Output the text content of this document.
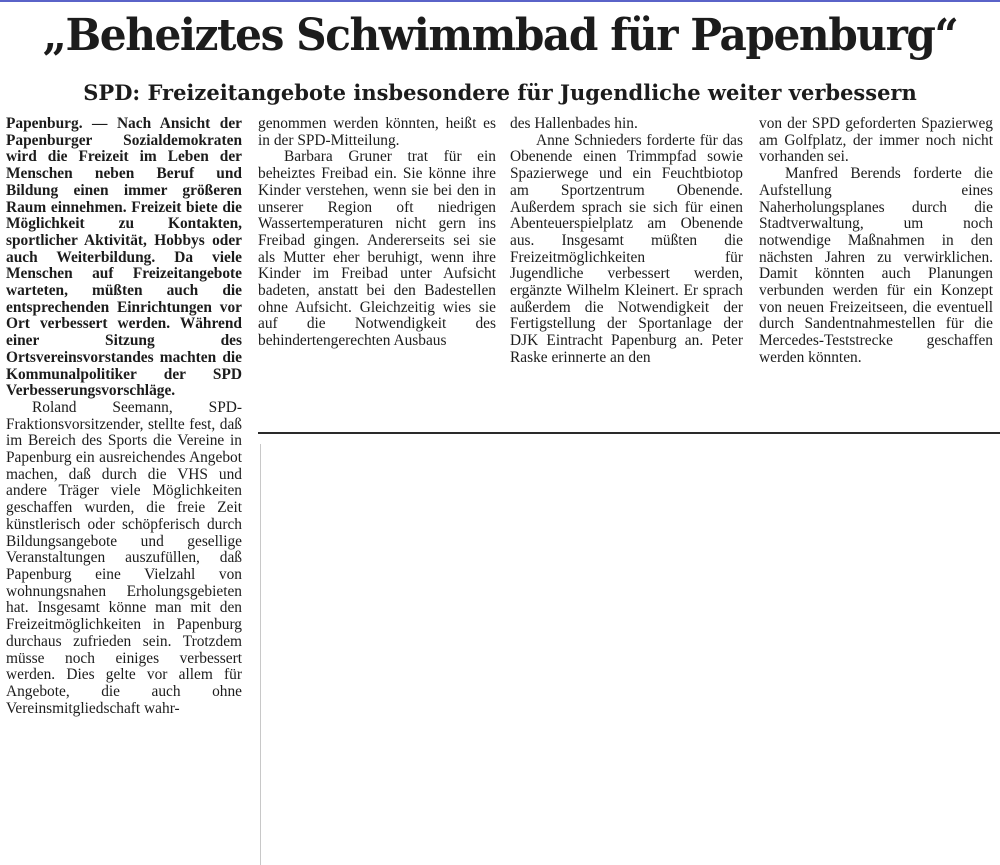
„Beheiztes Schwimmbad für Papenburg“
SPD: Freizeitangebote insbesondere für Jugendliche weiter verbessern

Papenburg. — Nach Ansicht der Papenburger Sozialdemokraten wird die Freizeit im Leben der Menschen neben Beruf und Bildung einen immer größeren Raum einnehmen. Freizeit biete die Möglichkeit zu Kontakten, sportlicher Aktivität, Hobbys oder auch Weiterbildung. Da viele Menschen auf Freizeitangebote warteten, müßten auch die entsprechenden Einrichtungen vor Ort verbessert werden. Während einer Sitzung des Ortsvereinsvorstandes machten die Kommunalpolitiker der SPD Verbesserungsvorschläge.

Roland Seemann, SPD-Fraktionsvorsitzender, stellte fest, daß im Bereich des Sports die Vereine in Papenburg ein ausreichendes Angebot machen, daß durch die VHS und andere Träger viele Möglichkeiten geschaffen wurden, die freie Zeit künstlerisch oder schöpferisch durch Bildungsangebote und gesellige Veranstaltungen auszufüllen, daß Papenburg eine Vielzahl von wohnungsnahen Erholungsgebieten hat. Insgesamt könne man mit den Freizeitmöglichkeiten in Papenburg durchaus zufrieden sein. Trotzdem müsse noch einiges verbessert werden. Dies gelte vor allem für Angebote, die auch ohne Vereinsmitgliedschaft wahr-

genommen werden könnten, heißt es in der SPD-Mitteilung.

Barbara Gruner trat für ein beheiztes Freibad ein. Sie könne ihre Kinder verstehen, wenn sie bei den in unserer Region oft niedrigen Wassertemperaturen nicht gern ins Freibad gingen. Andererseits sei sie als Mutter eher beruhigt, wenn ihre Kinder im Freibad unter Aufsicht badeten, anstatt bei den Badestellen ohne Aufsicht. Gleichzeitig wies sie auf die Notwendigkeit des behindertengerechten Ausbaus

des Hallenbades hin.

Anne Schnieders forderte für das Obenende einen Trimmpfad sowie Spazierwege und ein Feuchtbiotop am Sportzentrum Obenende. Außerdem sprach sie sich für einen Abenteuerspielplatz am Obenende aus. Insgesamt müßten die Freizeitmöglichkeiten für Jugendliche verbessert werden, ergänzte Wilhelm Kleinert. Er sprach außerdem die Notwendigkeit der Fertigstellung der Sportanlage der DJK Eintracht Papenburg an. Peter Raske erinnerte an den

von der SPD geforderten Spazierweg am Golfplatz, der immer noch nicht vorhanden sei.

Manfred Berends forderte die Aufstellung eines Naherholungsplanes durch die Stadtverwaltung, um noch notwendige Maßnahmen in den nächsten Jahren zu verwirklichen. Damit könnten auch Planungen verbunden werden für ein Konzept von neuen Freizeitseen, die eventuell durch Sandentnahmestellen für die Mercedes-Teststrecke geschaffen werden könnten.
